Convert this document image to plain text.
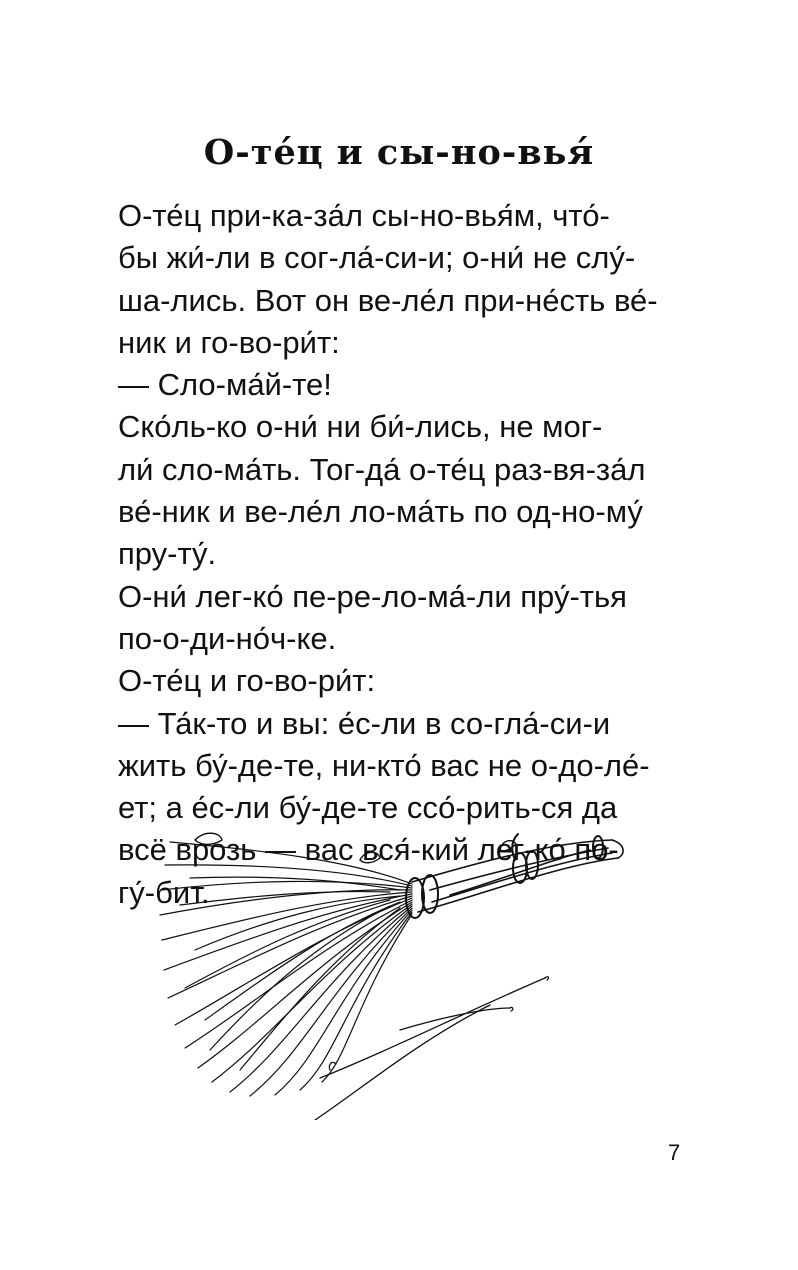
О-те́ц и сы-но-вья́
О-те́ц при-ка-за́л сы-но-вья́м, что́-
бы жи́-ли в сог-ла́-си-и; о-ни́ не слу́-
ша-лись. Вот он ве-ле́л при-не́сть ве́-
ник и го-во-ри́т:
— Сло-ма́й-те!
Ско́ль-ко о-ни́ ни би́-лись, не мог-
ли́ сло-ма́ть. Тог-да́ о-те́ц раз-вя-за́л
ве́-ник и ве-ле́л ло-ма́ть по од-но-му́
пру-ту́.
О-ни́ лег-ко́ пе-ре-ло-ма́-ли пру́-тья
по-о-ди-но́ч-ке.
О-те́ц и го-во-ри́т:
— Та́к-то и вы: е́с-ли в со-гла́-си-и
жить бу́-де-те, ни-кто́ вас не о-до-ле́-
ет; а е́с-ли бу́-де-те ссо́-рить-ся да
всё врозь — вас вся́-кий лег-ко́ по-
гу́-бит.
7
